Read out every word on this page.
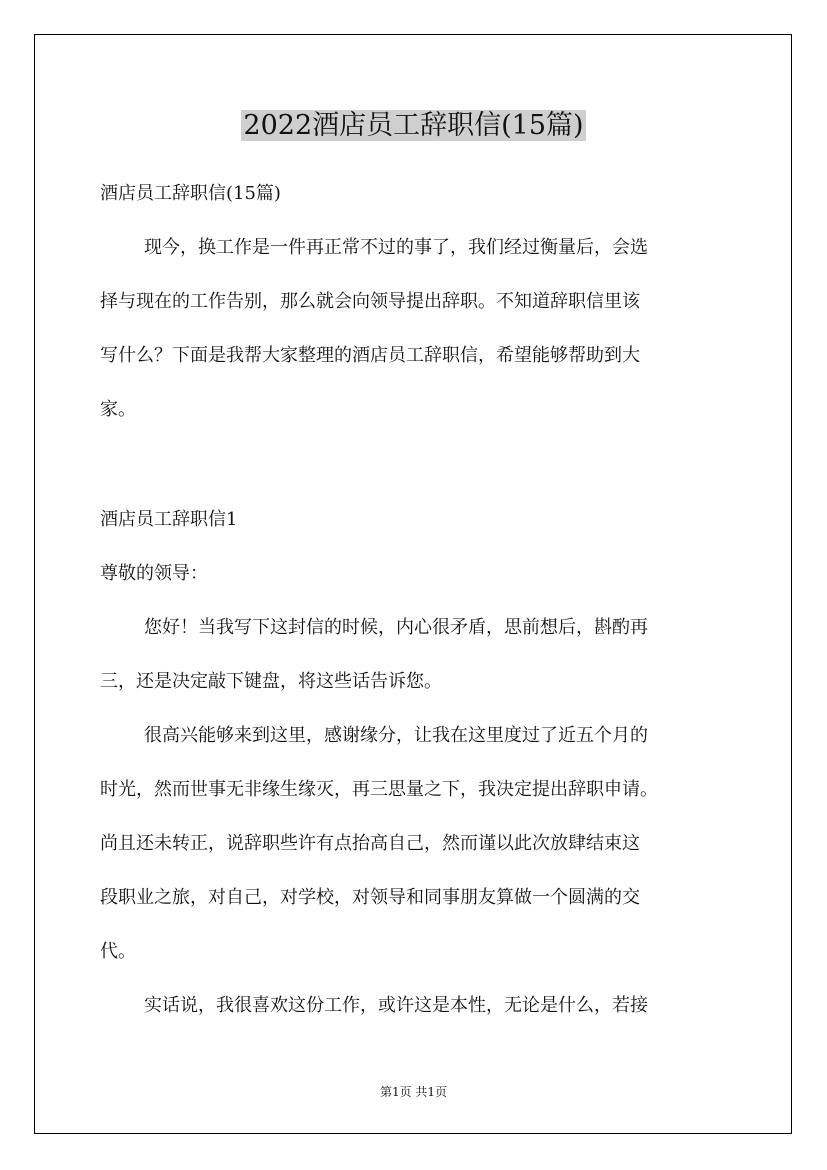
2022酒店员工辞职信(15篇)

酒店员工辞职信(15篇)

现今，换工作是一件再正常不过的事了，我们经过衡量后，会选

择与现在的工作告别，那么就会向领导提出辞职。不知道辞职信里该

写什么？下面是我帮大家整理的酒店员工辞职信，希望能够帮助到大

家。

酒店员工辞职信1

尊敬的领导：

您好！当我写下这封信的时候，内心很矛盾，思前想后，斟酌再

三，还是决定敲下键盘，将这些话告诉您。

很高兴能够来到这里，感谢缘分，让我在这里度过了近五个月的

时光，然而世事无非缘生缘灭，再三思量之下，我决定提出辞职申请。

尚且还未转正，说辞职些许有点抬高自己，然而谨以此次放肆结束这

段职业之旅，对自己，对学校，对领导和同事朋友算做一个圆满的交

代。

实话说，我很喜欢这份工作，或许这是本性，无论是什么，若接

第1页 共1页
